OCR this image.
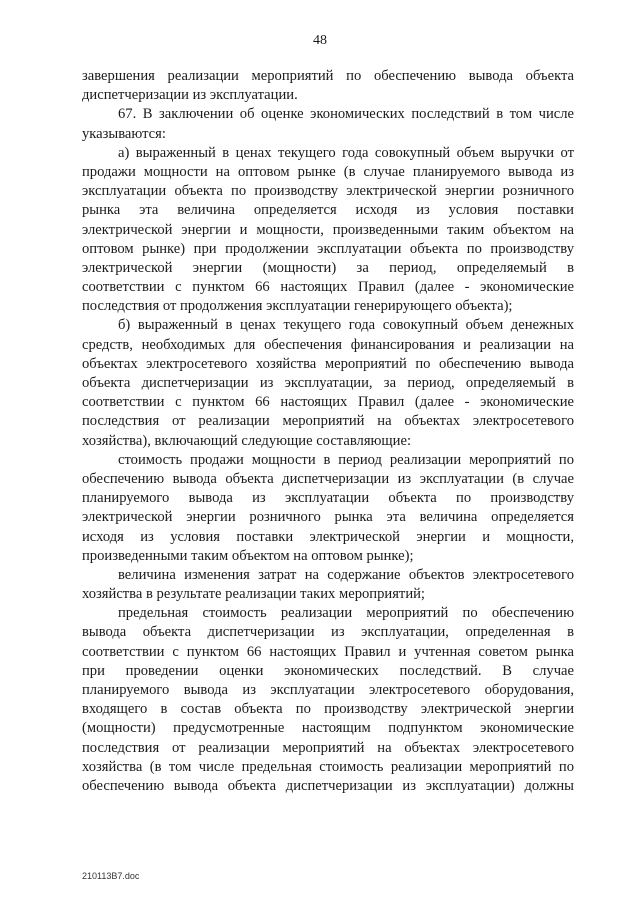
48
завершения реализации мероприятий по обеспечению вывода объекта
диспетчеризации из эксплуатации.
67. В заключении об оценке экономических последствий в том числе
указываются:
а) выраженный в ценах текущего года совокупный объем выручки от
продажи мощности на оптовом рынке (в случае планируемого вывода из
эксплуатации объекта по производству электрической энергии розничного
рынка эта величина определяется исходя из условия поставки
электрической энергии и мощности, произведенными таким объектом на
оптовом рынке) при продолжении эксплуатации объекта по производству
электрической энергии (мощности) за период, определяемый в
соответствии с пунктом 66 настоящих Правил (далее - экономические
последствия от продолжения эксплуатации генерирующего объекта);
б) выраженный в ценах текущего года совокупный объем денежных
средств, необходимых для обеспечения финансирования и реализации на
объектах электросетевого хозяйства мероприятий по обеспечению вывода
объекта диспетчеризации из эксплуатации, за период, определяемый в
соответствии с пунктом 66 настоящих Правил (далее - экономические
последствия от реализации мероприятий на объектах электросетевого
хозяйства), включающий следующие составляющие:
стоимость продажи мощности в период реализации мероприятий по
обеспечению вывода объекта диспетчеризации из эксплуатации (в случае
планируемого вывода из эксплуатации объекта по производству
электрической энергии розничного рынка эта величина определяется
исходя из условия поставки электрической энергии и мощности,
произведенными таким объектом на оптовом рынке);
величина изменения затрат на содержание объектов электросетевого
хозяйства в результате реализации таких мероприятий;
предельная стоимость реализации мероприятий по обеспечению
вывода объекта диспетчеризации из эксплуатации, определенная в
соответствии с пунктом 66 настоящих Правил и учтенная советом рынка
при проведении оценки экономических последствий. В случае
планируемого вывода из эксплуатации электросетевого оборудования,
входящего в состав объекта по производству электрической энергии
(мощности) предусмотренные настоящим подпунктом экономические
последствия от реализации мероприятий на объектах электросетевого
хозяйства (в том числе предельная стоимость реализации мероприятий по
обеспечению вывода объекта диспетчеризации из эксплуатации) должны
210113B7.doc
